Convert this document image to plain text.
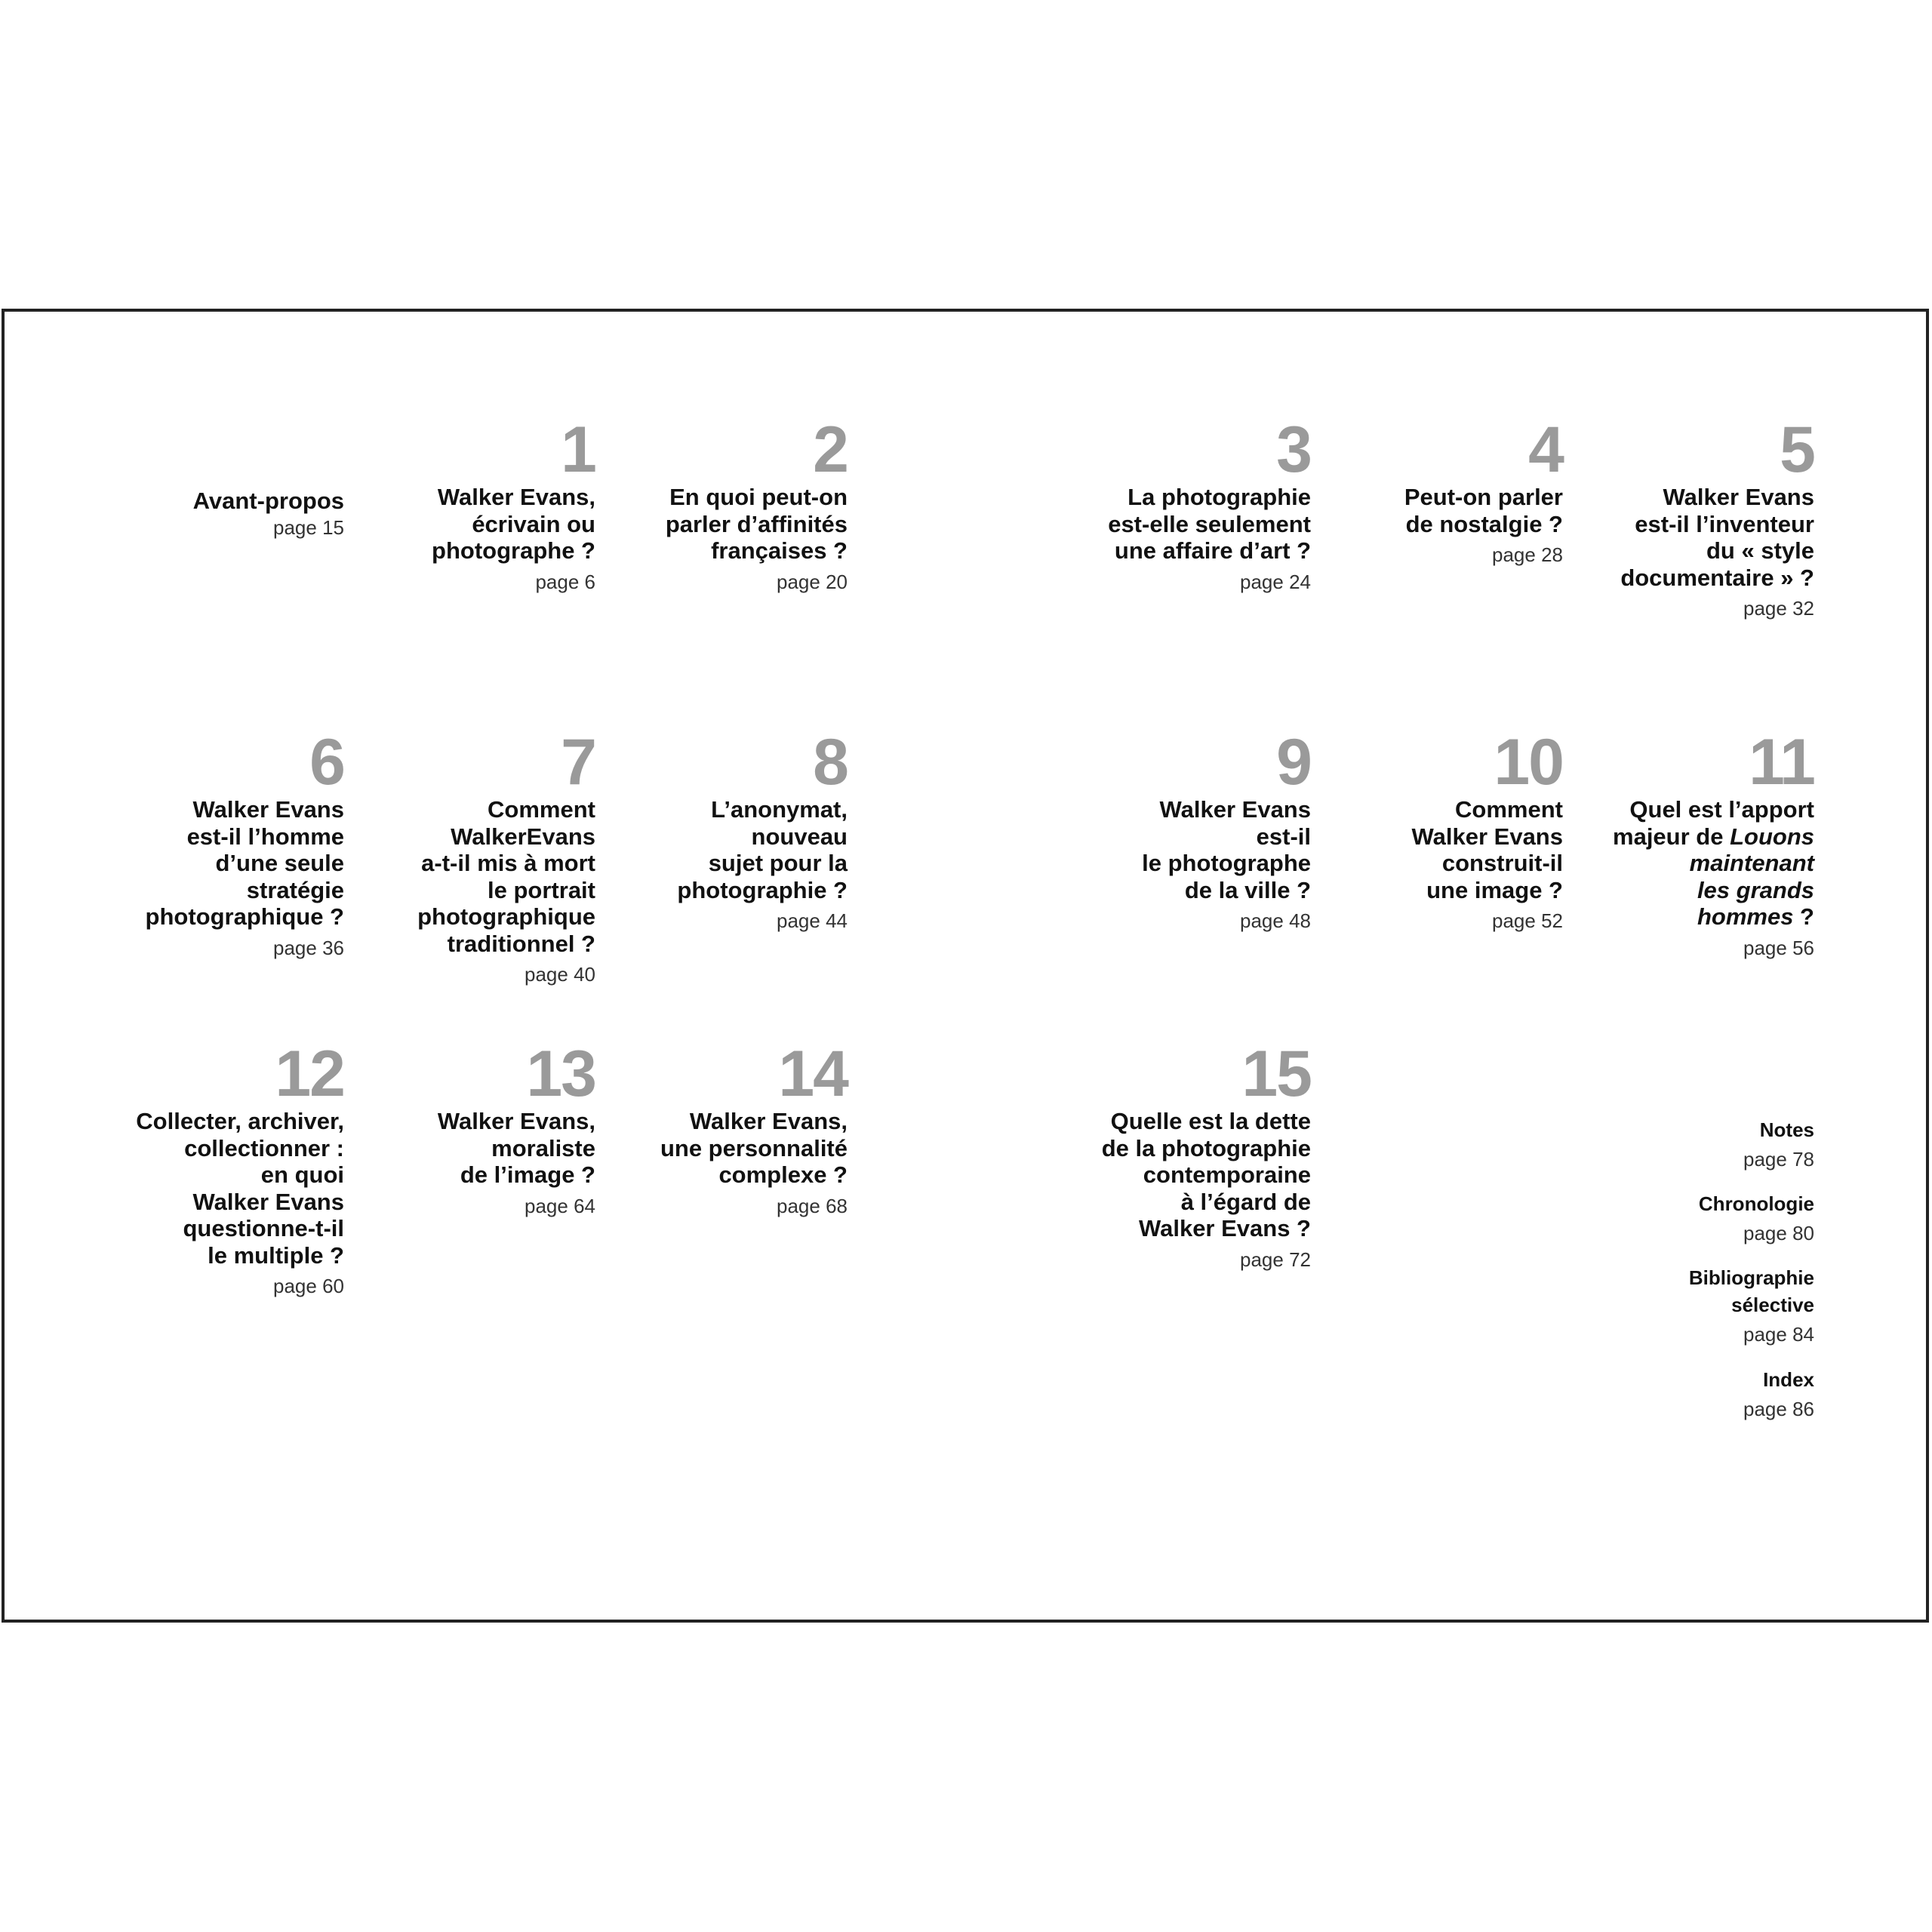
Avant-propos
page 15
1
Walker Evans,
écrivain ou
photographe ?
page 6
2
En quoi peut-on
parler d’affinités
françaises ?
page 20
3
La photographie
est-elle seulement
une affaire d’art ?
page 24
4
Peut-on parler
de nostalgie ?
page 28
5
Walker Evans
est-il l’inventeur
du « style
documentaire » ?
page 32
6
Walker Evans
est-il l’homme
d’une seule
stratégie
photographique ?
page 36
7
Comment
WalkerEvans
a-t-il mis à mort
le portrait
photographique
traditionnel ?
page 40
8
L’anonymat,
nouveau
sujet pour la
photographie ?
page 44
9
Walker Evans
est-il
le photographe
de la ville ?
page 48
10
Comment
Walker Evans
construit-il
une image ?
page 52
11
Quel est l’apport
majeur de Louons
maintenant
les grands
hommes ?
page 56
12
Collecter, archiver,
collectionner :
en quoi
Walker Evans
questionne-t-il
le multiple ?
page 60
13
Walker Evans,
moraliste
de l’image ?
page 64
14
Walker Evans,
une personnalité
complexe ?
page 68
15
Quelle est la dette
de la photographie
contemporaine
à l’égard de
Walker Evans ?
page 72
Notes
page 78
Chronologie
page 80
Bibliographie
sélective
page 84
Index
page 86
